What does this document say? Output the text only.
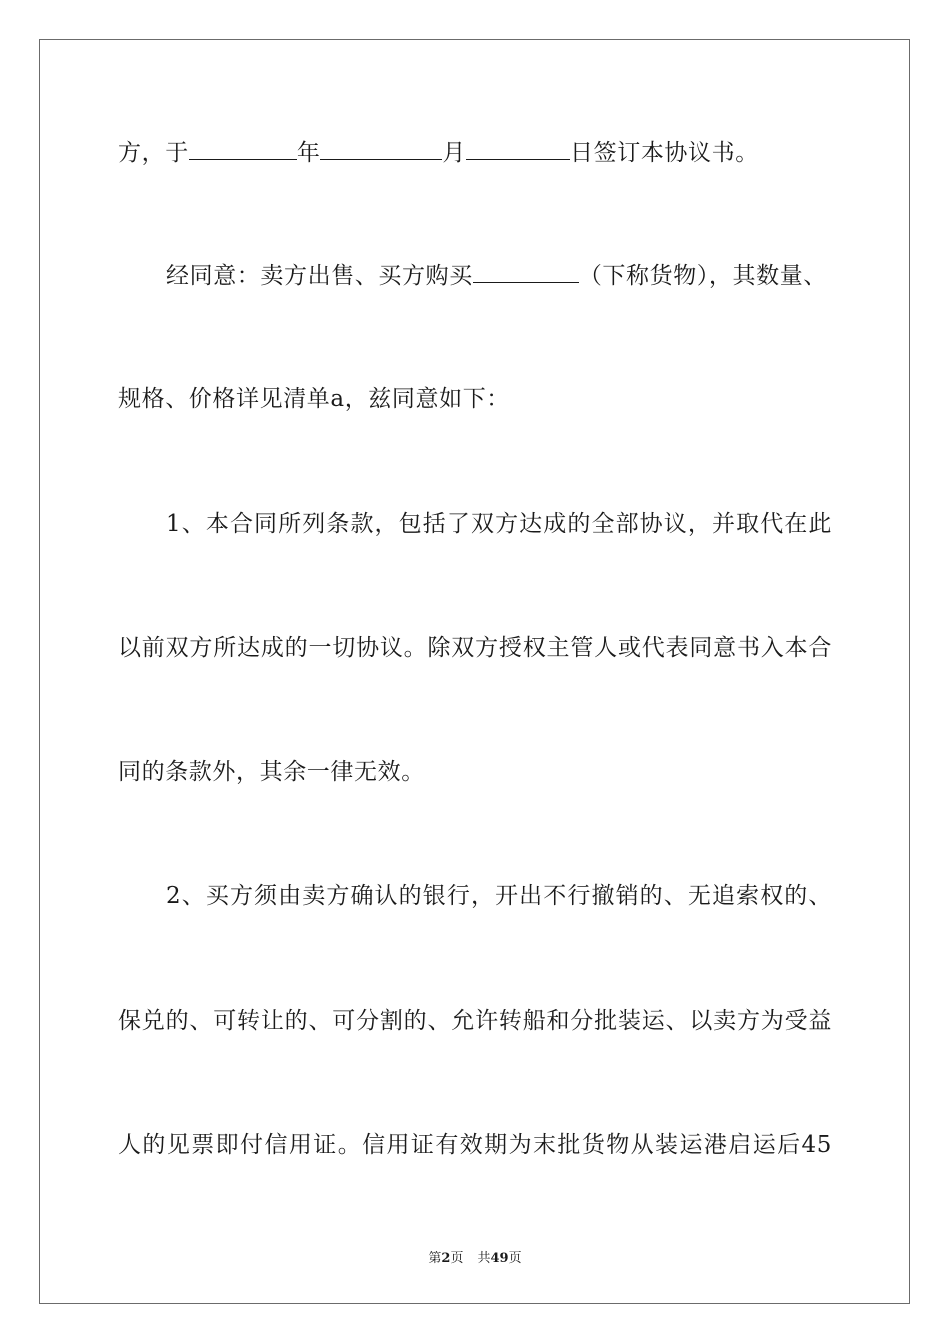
方，于	年	月	日签订本协议书。
经同意：卖方出售、买方购买	（下称货物），其数量、
规格、价格详见清单a，兹同意如下：
1、本合同所列条款，包括了双方达成的全部协议，并取代在此
以前双方所达成的一切协议。除双方授权主管人或代表同意书入本合
同的条款外，其余一律无效。
2、买方须由卖方确认的银行，开出不行撤销的、无追索权的、
保兑的、可转让的、可分割的、允许转船和分批装运、以卖方为受益
人的见票即付信用证。信用证有效期为末批货物从装运港启运后45
第2页 共49页
